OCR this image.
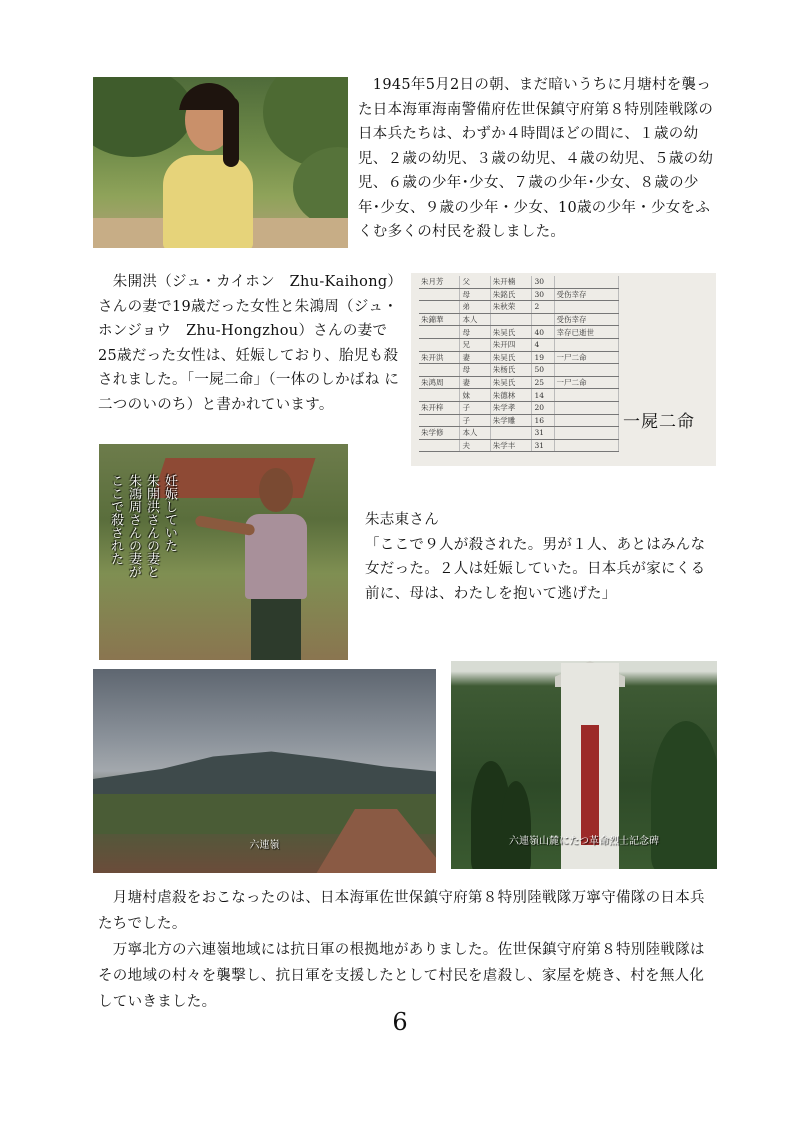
　1945年5月2日の朝、まだ暗いうちに月塘村を襲った日本海軍海南警備府佐世保鎮守府第８特別陸戦隊の日本兵たちは、わずか４時間ほどの間に、１歳の幼児、２歳の幼児、３歳の幼児、４歳の幼児、５歳の幼児、６歳の少年･少女、７歳の少年･少女、８歳の少年･少女、９歳の少年・少女、10歳の少年・少女をふくむ多くの村民を殺しました。

　朱開洪（ジュ・カイホン　Zhu-Kaihong）さんの妻で19歳だった女性と朱鴻周（ジュ・ホンジョウ　Zhu-Hongzhou）さんの妻で25歳だった女性は、妊娠しており、胎児も殺されました。「一屍二命」（一体のしかばね に二つのいのち）と書かれています。

朱月芳	父	朱开楠	30	
	母	朱銘氏	30	受伤幸存
	弟	朱秋荣	2	
朱錦華	本人			受伤幸存
	母	朱吴氏	40	幸存已逝世
	兄	朱开四	4	
朱开洪	妻	朱吴氏	19	一尸二命
	母	朱杨氏	50	
朱鸿周	妻	朱吴氏	25	一尸二命
	妹	朱德林	14	
朱开梓	子	朱学孝	20	
	子	朱学雕	16	
朱学修	本人		31	
	夫	朱学丰	31	
一屍二命
妊娠していた
朱開洪さんの妻と
朱鴻周さんの妻が
ここで殺された	朱志東さん

「ここで９人が殺された。男が１人、あとはみんな女だった。２人は妊娠していた。日本兵が家にくる前に、母は、わたしを抱いて逃げた」

六連嶺	六連嶺山麓にたつ革命烈士記念碑

　月塘村虐殺をおこなったのは、日本海軍佐世保鎮守府第８特別陸戦隊万寧守備隊の日本兵たちでした。

　万寧北方の六連嶺地域には抗日軍の根拠地がありました。佐世保鎮守府第８特別陸戦隊はその地域の村々を襲撃し、抗日軍を支援したとして村民を虐殺し、家屋を焼き、村を無人化していきました。

6
